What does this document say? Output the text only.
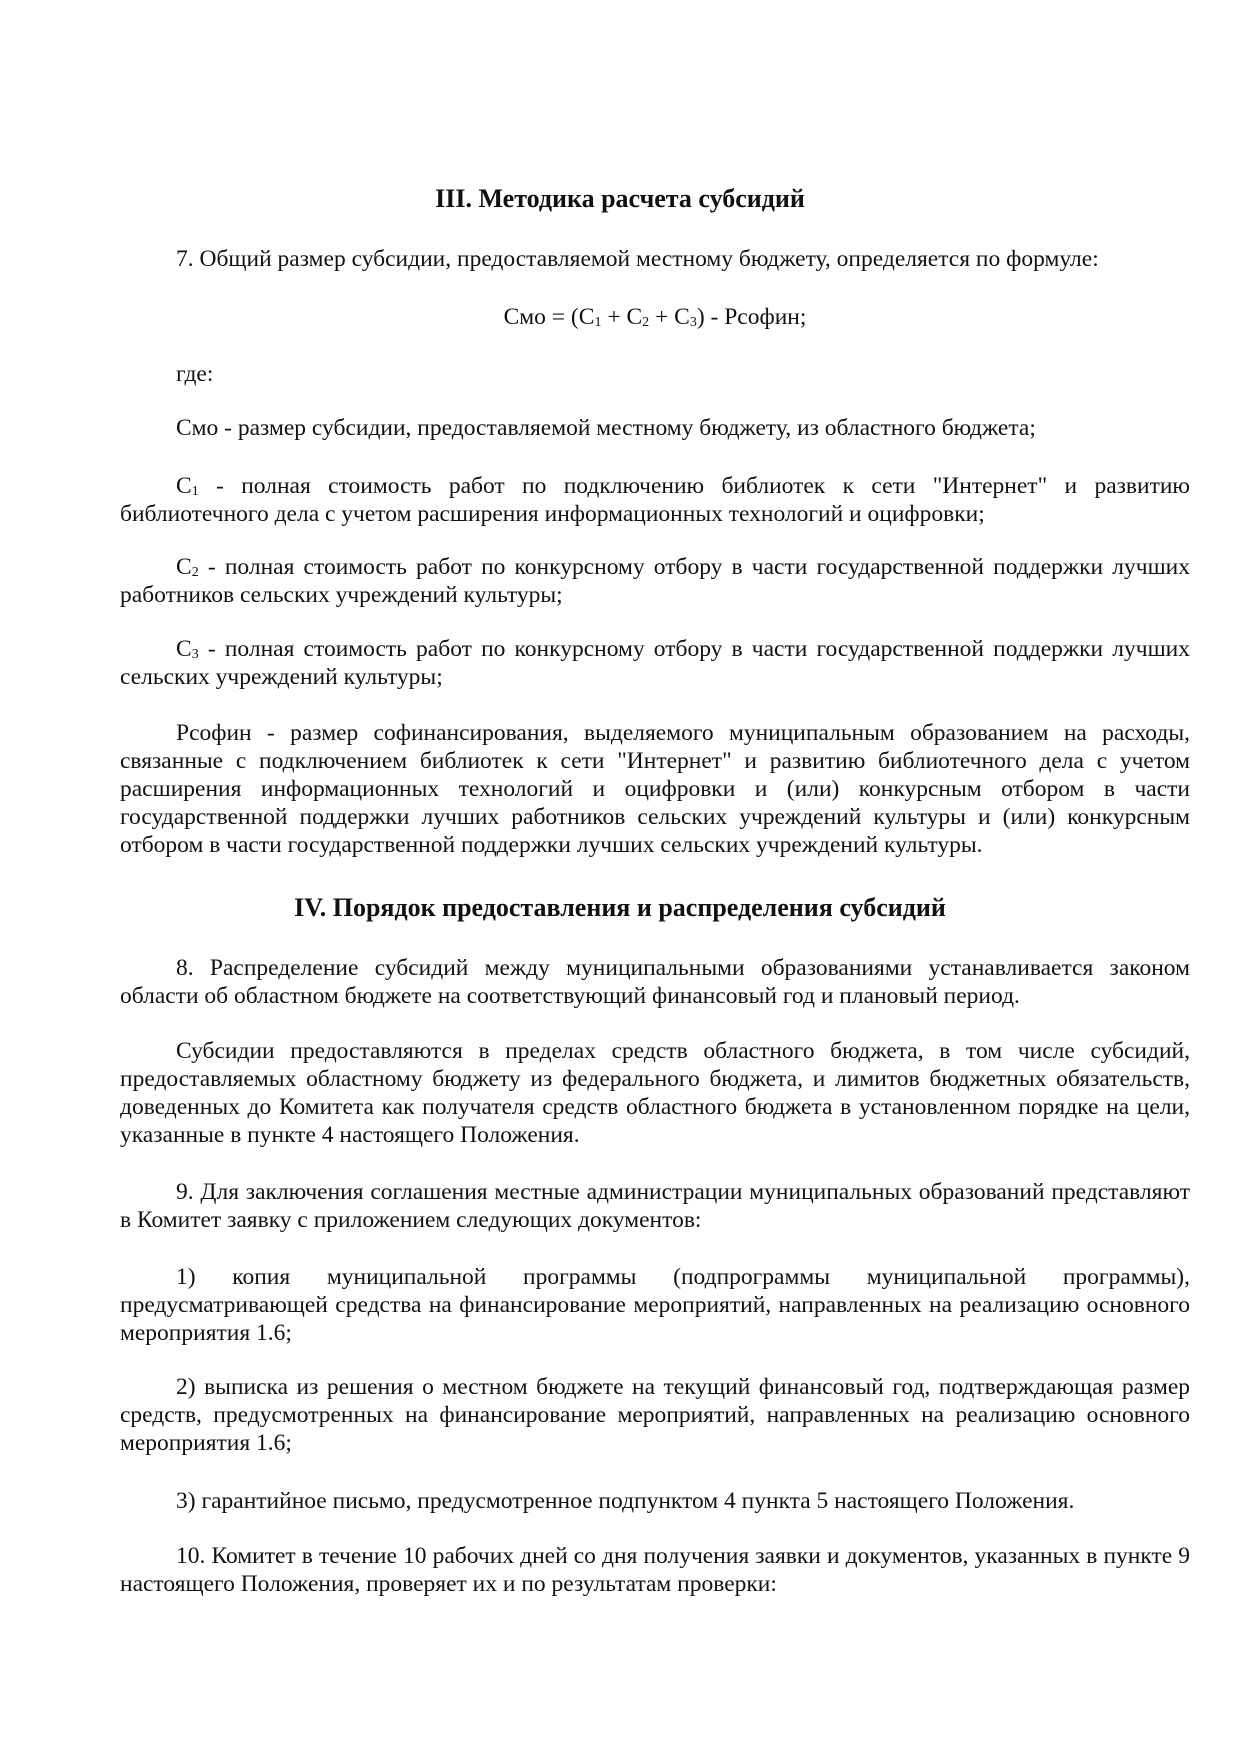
III. Методика расчета субсидий
7. Общий размер субсидии, предоставляемой местному бюджету, определяется по формуле:
Смо = $(С_1 + С_2 + С_3)$ - Рсофин;
где:
Смо - размер субсидии, предоставляемой местному бюджету, из областного бюджета;
$С_1$ - полная стоимость работ по подключению библиотек к сети "Интернет" и развитию библиотечного дела с учетом расширения информационных технологий и оцифровки;
$С_2$ - полная стоимость работ по конкурсному отбору в части государственной поддержки лучших работников сельских учреждений культуры;
$С_3$ - полная стоимость работ по конкурсному отбору в части государственной поддержки лучших сельских учреждений культуры;
Рсофин - размер софинансирования, выделяемого муниципальным образованием на расходы, связанные с подключением библиотек к сети "Интернет" и развитию библиотечного дела с учетом расширения информационных технологий и оцифровки и (или) конкурсным отбором в части государственной поддержки лучших работников сельских учреждений культуры и (или) конкурсным отбором в части государственной поддержки лучших сельских учреждений культуры.
IV. Порядок предоставления и распределения субсидий
8. Распределение субсидий между муниципальными образованиями устанавливается законом области об областном бюджете на соответствующий финансовый год и плановый период.
Субсидии предоставляются в пределах средств областного бюджета, в том числе субсидий, предоставляемых областному бюджету из федерального бюджета, и лимитов бюджетных обязательств, доведенных до Комитета как получателя средств областного бюджета в установленном порядке на цели, указанные в пункте 4 настоящего Положения.
9. Для заключения соглашения местные администрации муниципальных образований представляют в Комитет заявку с приложением следующих документов:
1) копия муниципальной программы (подпрограммы муниципальной программы), предусматривающей средства на финансирование мероприятий, направленных на реализацию основного мероприятия 1.6;
2) выписка из решения о местном бюджете на текущий финансовый год, подтверждающая размер средств, предусмотренных на финансирование мероприятий, направленных на реализацию основного мероприятия 1.6;
3) гарантийное письмо, предусмотренное подпунктом 4 пункта 5 настоящего Положения.
10. Комитет в течение 10 рабочих дней со дня получения заявки и документов, указанных в пункте 9 настоящего Положения, проверяет их и по результатам проверки:
